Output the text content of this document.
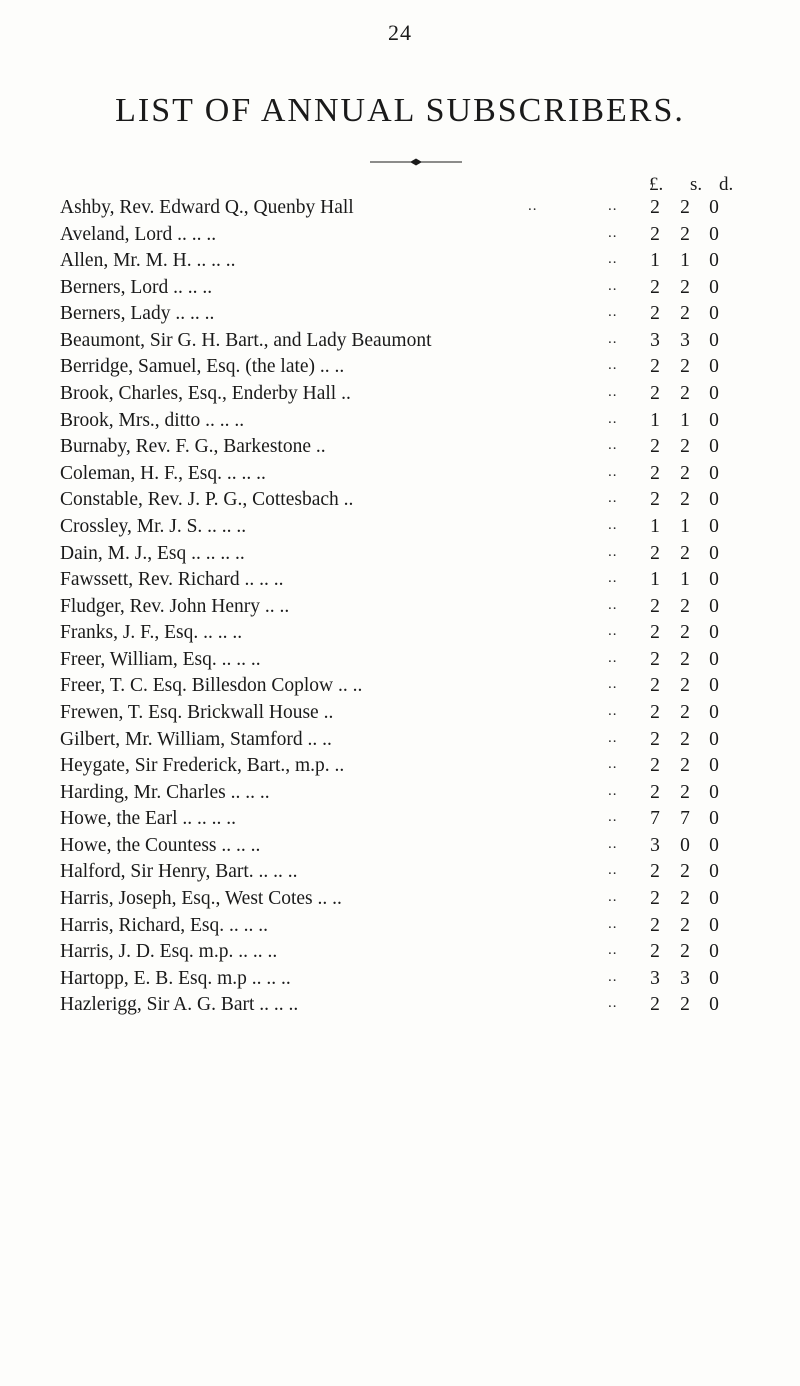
24
LIST OF ANNUAL SUBSCRIBERS.
£. s. d.
Ashby, Rev. Edward Q., Quenby Hall	..	.. 2 2 0
Aveland, Lord .. .. ..	.. 2 2 0
Allen, Mr. M. H. .. .. ..	.. 1 1 0
Berners, Lord .. .. ..	.. 2 2 0
Berners, Lady .. .. ..	.. 2 2 0
Beaumont, Sir G. H. Bart., and Lady Beaumont	.. 3 3 0
Berridge, Samuel, Esq. (the late) .. ..	.. 2 2 0
Brook, Charles, Esq., Enderby Hall ..	.. 2 2 0
Brook, Mrs., ditto .. .. ..	.. 1 1 0
Burnaby, Rev. F. G., Barkestone ..	.. 2 2 0
Coleman, H. F., Esq. .. .. ..	.. 2 2 0
Constable, Rev. J. P. G., Cottesbach ..	.. 2 2 0
Crossley, Mr. J. S. .. .. ..	.. 1 1 0
Dain, M. J., Esq .. .. .. ..	.. 2 2 0
Fawssett, Rev. Richard .. .. ..	.. 1 1 0
Fludger, Rev. John Henry .. ..	.. 2 2 0
Franks, J. F., Esq. .. .. ..	.. 2 2 0
Freer, William, Esq. .. .. ..	.. 2 2 0
Freer, T. C. Esq. Billesdon Coplow .. ..	.. 2 2 0
Frewen, T. Esq. Brickwall House ..	.. 2 2 0
Gilbert, Mr. William, Stamford .. ..	.. 2 2 0
Heygate, Sir Frederick, Bart., m.p. ..	.. 2 2 0
Harding, Mr. Charles .. .. ..	.. 2 2 0
Howe, the Earl .. .. .. ..	.. 7 7 0
Howe, the Countess .. .. ..	.. 3 0 0
Halford, Sir Henry, Bart. .. .. ..	.. 2 2 0
Harris, Joseph, Esq., West Cotes .. ..	.. 2 2 0
Harris, Richard, Esq. .. .. ..	.. 2 2 0
Harris, J. D. Esq. m.p. .. .. ..	.. 2 2 0
Hartopp, E. B. Esq. m.p .. .. ..	.. 3 3 0
Hazlerigg, Sir A. G. Bart .. .. ..	.. 2 2 0
